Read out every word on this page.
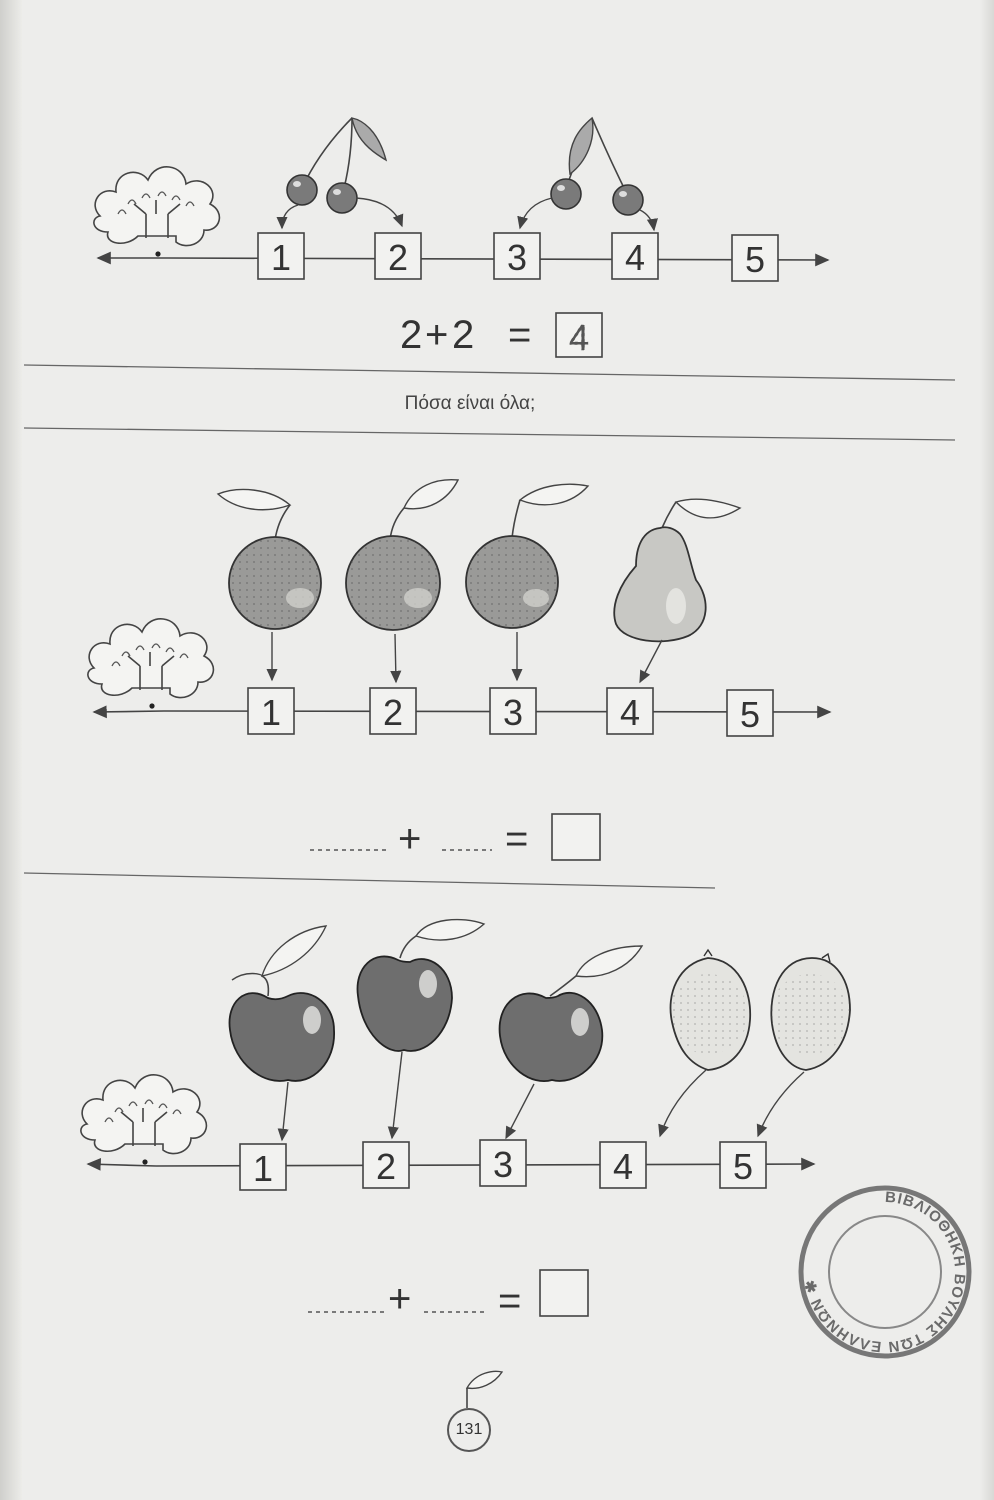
1	2	3	4	5
2 + 2 = 4
1	2	3	4	5
+ =
1	2	3	4	5
+ =
ΒΙΒΛΙΟΘΗΚΗ ΒΟΥΛΗΣ ΤΩΝ ΕΛΛΗΝΩΝ ✱
Πόσα είναι όλα;
131
